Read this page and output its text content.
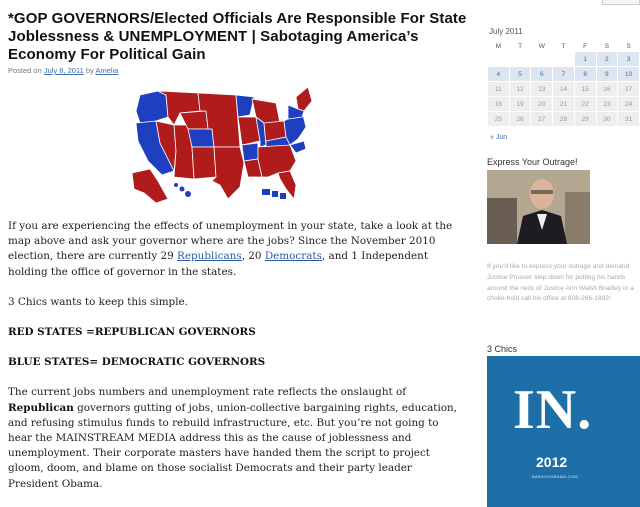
*GOP GOVERNORS/Elected Officials Are Responsible For State Joblessness & UNEMPLOYMENT | Sabotaging America’s Economy For Political Gain
Posted on July 8, 2011 by Amelia

If you are experiencing the effects of unemployment in your state, take a look at the map above and ask your governor where are the jobs? Since the November 2010 election, there are currently 29 Republicans, 20 Democrats, and 1 Independent holding the office of governor in the states.

3 Chics wants to keep this simple.

RED STATES =REPUBLICAN GOVERNORS

BLUE STATES= DEMOCRATIC GOVERNORS

The current jobs numbers and unemployment rate reflects the onslaught of Republican governors gutting of jobs, union-collective bargaining rights, education, and refusing stimulus funds to rebuild infrastructure, etc. But you’re not going to hear the MAINSTREAM MEDIA address this as the cause of joblessness and unemployment. Their corporate masters have handed them the script to project gloom, doom, and blame on those socialist Democrats and their party leader President Obama.

July 2011
M	T	W	T	F	S	S
				1	2	3
4	5	6	7	8	9	10
11	12	13	14	15	16	17
18	19	20	21	22	23	24
25	26	27	28	29	30	31
« Jun
Express Your Outrage!
If you'd like to express your outrage and demand Justice Prosser step down for putting his hands around the neck of Justice Ann Walsh Bradley in a choke-hold call his office at 608-266-1882!
3 Chics
IN.
2012
BARACKOBAMA.COM
